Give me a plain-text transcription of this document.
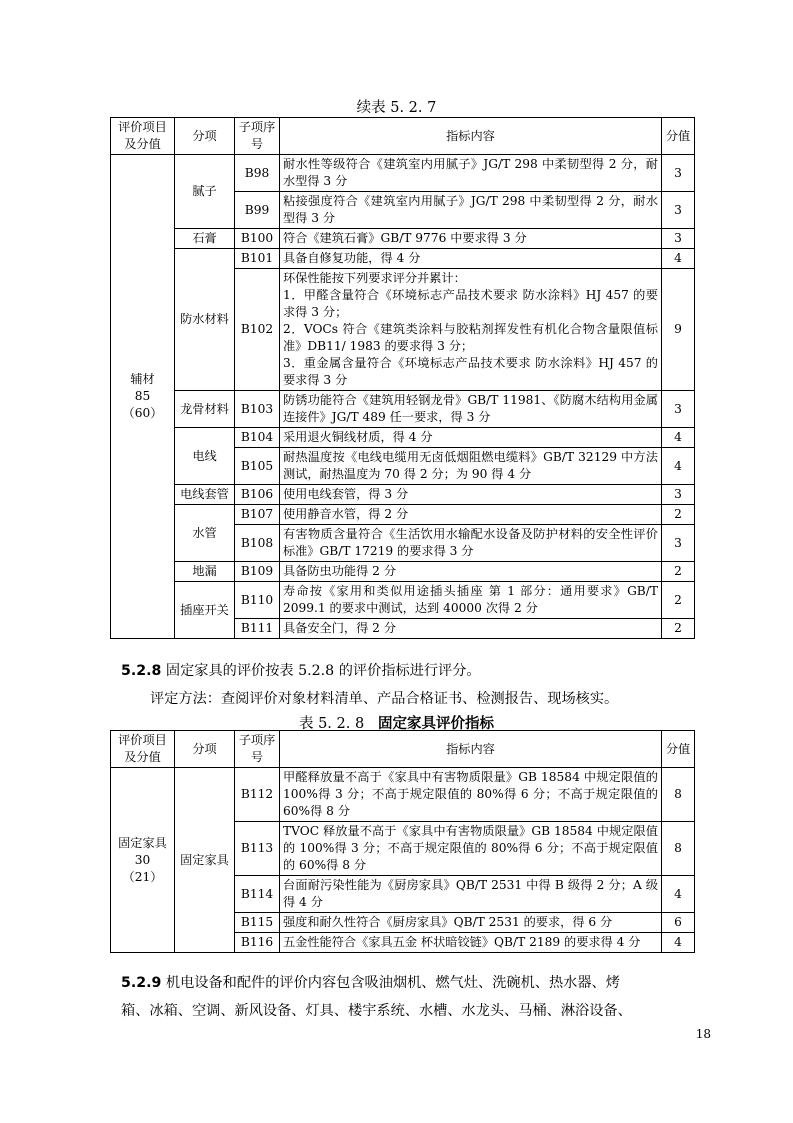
续表 5. 2. 7
评价项目及分值	分项	子项序号	指标内容	分值
辅材
85
（60）	腻子	B98	耐水性等级符合《建筑室内用腻子》JG/T 298 中柔韧型得 2 分，耐水型得 3 分	3
		B99	粘接强度符合《建筑室内用腻子》JG/T 298 中柔韧型得 2 分，耐水型得 3 分	3
	石膏	B100	符合《建筑石膏》GB/T 9776 中要求得 3 分	3
	防水材料	B101	具备自修复功能，得 4 分	4
		B102	环保性能按下列要求评分并累计：
1．甲醛含量符合《环境标志产品技术要求 防水涂料》HJ 457 的要求得 3 分；
2．VOCs 符合《建筑类涂料与胶粘剂挥发性有机化合物含量限值标准》DB11/ 1983 的要求得 3 分；
3．重金属含量符合《环境标志产品技术要求 防水涂料》HJ 457 的要求得 3 分	9
	龙骨材料	B103	防锈功能符合《建筑用轻钢龙骨》GB/T 11981、《防腐木结构用金属连接件》JG/T 489 任一要求，得 3 分	3
	电线	B104	采用退火铜线材质，得 4 分	4
		B105	耐热温度按《电线电缆用无卤低烟阻燃电缆料》GB/T 32129 中方法测试，耐热温度为 70 得 2 分；为 90 得 4 分	4
	电线套管	B106	使用电线套管，得 3 分	3
	水管	B107	使用静音水管，得 2 分	2
		B108	有害物质含量符合《生活饮用水输配水设备及防护材料的安全性评价标准》GB/T 17219 的要求得 3 分	3
	地漏	B109	具备防虫功能得 2 分	2
	插座开关	B110	寿命按《家用和类似用途插头插座 第 1 部分：通用要求》GB/T 2099.1 的要求中测试，达到 40000 次得 2 分	2
		B111	具备安全门，得 2 分	2
5.2.8 固定家具的评价按表 5.2.8 的评价指标进行评分。
评定方法：查阅评价对象材料清单、产品合格证书、检测报告、现场核实。
表 5. 2. 8 固定家具评价指标
评价项目及分值	分项	子项序号	指标内容	分值
固定家具
30
（21）	固定家具	B112	甲醛释放量不高于《家具中有害物质限量》GB 18584 中规定限值的 100%得 3 分；不高于规定限值的 80%得 6 分；不高于规定限值的 60%得 8 分	8
		B113	TVOC 释放量不高于《家具中有害物质限量》GB 18584 中规定限值的 100%得 3 分；不高于规定限值的 80%得 6 分；不高于规定限值的 60%得 8 分	8
		B114	台面耐污染性能为《厨房家具》QB/T 2531 中得 B 级得 2 分；A 级得 4 分	4
		B115	强度和耐久性符合《厨房家具》QB/T 2531 的要求，得 6 分	6
		B116	五金性能符合《家具五金 杯状暗铰链》QB/T 2189 的要求得 4 分	4
5.2.9 机电设备和配件的评价内容包含吸油烟机、燃气灶、洗碗机、热水器、烤
箱、冰箱、空调、新风设备、灯具、楼宇系统、水槽、水龙头、马桶、淋浴设备、
18
